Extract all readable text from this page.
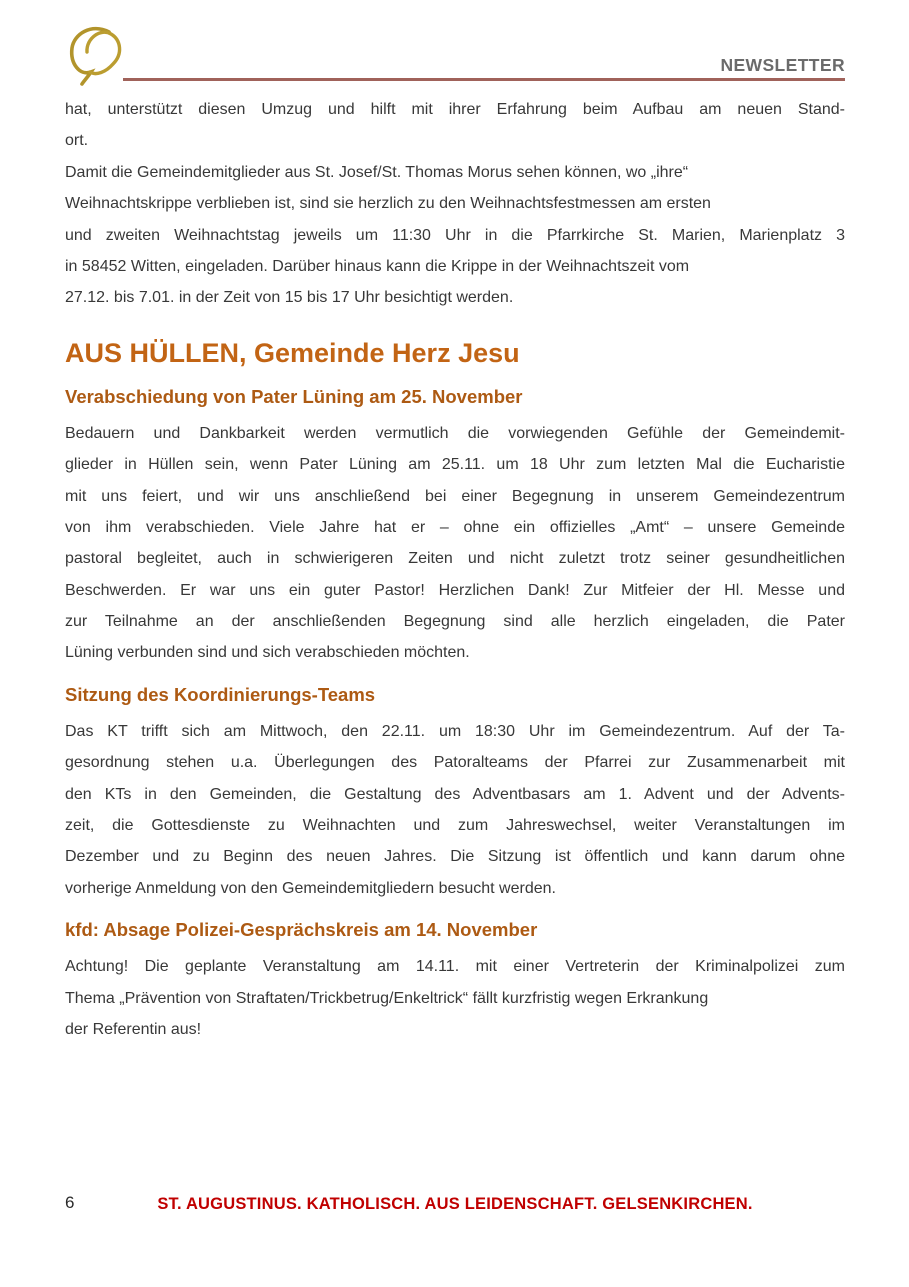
NEWSLETTER
hat, unterstützt diesen Umzug und hilft mit ihrer Erfahrung beim Aufbau am neuen Stand-
ort.
Damit die Gemeindemitglieder aus St. Josef/St. Thomas Morus sehen können, wo „ihre“
Weihnachtskrippe verblieben ist, sind sie herzlich zu den Weihnachtsfestmessen am ersten
und zweiten Weihnachtstag jeweils um 11:30 Uhr in die Pfarrkirche St. Marien, Marienplatz 3
in 58452 Witten, eingeladen. Darüber hinaus kann die Krippe in der Weihnachtszeit vom
27.12. bis 7.01. in der Zeit von 15 bis 17 Uhr besichtigt werden.
AUS HÜLLEN, Gemeinde Herz Jesu
Verabschiedung von Pater Lüning am 25. November
Bedauern und Dankbarkeit werden vermutlich die vorwiegenden Gefühle der Gemeindemit-
glieder in Hüllen sein, wenn Pater Lüning am 25.11. um 18 Uhr zum letzten Mal die Eucharistie
mit uns feiert, und wir uns anschließend bei einer Begegnung in unserem Gemeindezentrum
von ihm verabschieden. Viele Jahre hat er – ohne ein offizielles „Amt“ – unsere Gemeinde
pastoral begleitet, auch in schwierigeren Zeiten und nicht zuletzt trotz seiner gesundheitlichen
Beschwerden. Er war uns ein guter Pastor! Herzlichen Dank! Zur Mitfeier der Hl. Messe und
zur Teilnahme an der anschließenden Begegnung sind alle herzlich eingeladen, die Pater
Lüning verbunden sind und sich verabschieden möchten.
Sitzung des Koordinierungs-Teams
Das KT trifft sich am Mittwoch, den 22.11. um 18:30 Uhr im Gemeindezentrum. Auf der Ta-
gesordnung stehen u.a. Überlegungen des Patoralteams der Pfarrei zur Zusammenarbeit mit
den KTs in den Gemeinden, die Gestaltung des Adventbasars am 1. Advent und der Advents-
zeit, die Gottesdienste zu Weihnachten und zum Jahreswechsel, weiter Veranstaltungen im
Dezember und zu Beginn des neuen Jahres. Die Sitzung ist öffentlich und kann darum ohne
vorherige Anmeldung von den Gemeindemitgliedern besucht werden.
kfd: Absage Polizei-Gesprächskreis am 14. November
Achtung! Die geplante Veranstaltung am 14.11. mit einer Vertreterin der Kriminalpolizei zum
Thema „Prävention von Straftaten/Trickbetrug/Enkeltrick“ fällt kurzfristig wegen Erkrankung
der Referentin aus!
6	ST. AUGUSTINUS. KATHOLISCH. AUS LEIDENSCHAFT. GELSENKIRCHEN.
